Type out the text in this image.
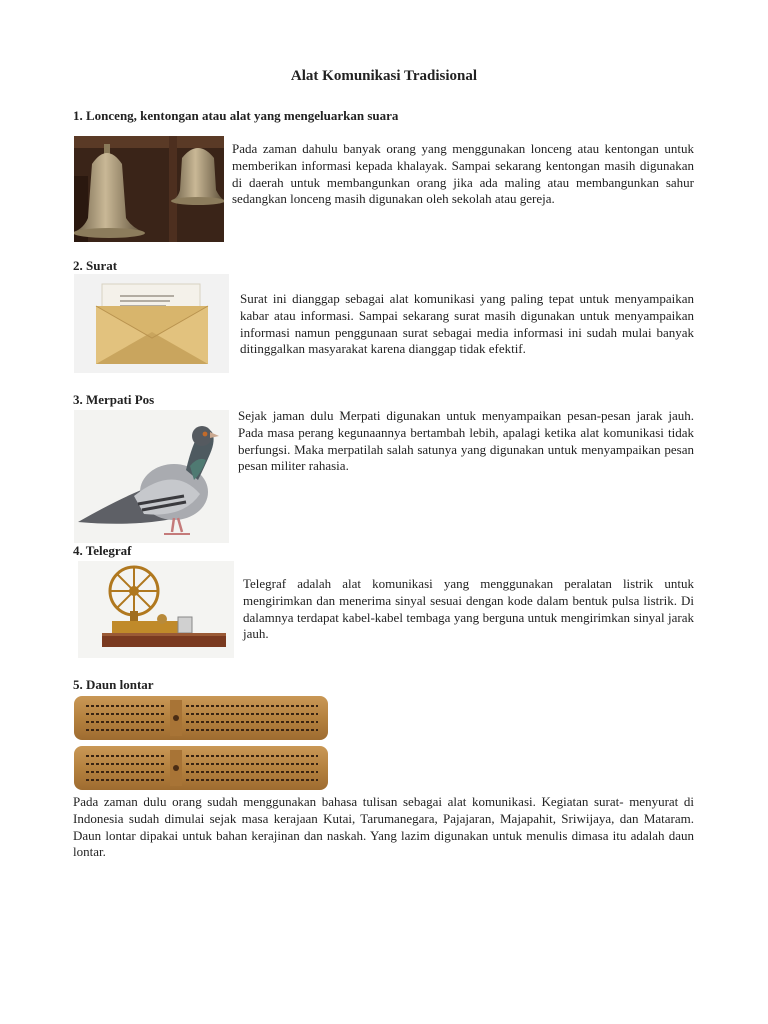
Alat Komunikasi Tradisional

1. Lonceng, kentongan atau alat yang mengeluarkan suara

Pada zaman dahulu banyak orang yang menggunakan lonceng atau kentongan untuk memberikan informasi kepada khalayak. Sampai sekarang kentongan masih digunakan di daerah untuk membangunkan orang jika ada maling atau membangunkan sahur sedangkan lonceng masih digunakan oleh sekolah atau gereja.

2. Surat

Surat ini dianggap sebagai alat komunikasi yang paling tepat untuk menyampaikan kabar atau informasi. Sampai sekarang surat masih digunakan untuk menyampaikan informasi namun penggunaan surat sebagai media informasi ini sudah mulai banyak ditinggalkan masyarakat karena dianggap tidak efektif.

3. Merpati Pos

Sejak jaman dulu Merpati digunakan untuk menyampaikan pesan-pesan jarak jauh. Pada masa perang kegunaannya bertambah lebih, apalagi ketika alat komunikasi tidak berfungsi. Maka merpatilah salah satunya yang digunakan untuk menyampaikan pesan pesan militer rahasia.

4. Telegraf

Telegraf adalah alat komunikasi yang menggunakan peralatan listrik untuk mengirimkan dan menerima sinyal sesuai dengan kode dalam bentuk pulsa listrik. Di dalamnya terdapat kabel-kabel tembaga yang berguna untuk mengirimkan sinyal jarak jauh.

5. Daun lontar

Pada zaman dulu orang sudah menggunakan bahasa tulisan sebagai alat komunikasi. Kegiatan surat- menyurat di Indonesia sudah dimulai sejak masa kerajaan Kutai, Tarumanegara, Pajajaran, Majapahit, Sriwijaya, dan Mataram. Daun lontar dipakai untuk bahan kerajinan dan naskah. Yang lazim digunakan untuk menulis dimasa itu adalah daun lontar.
